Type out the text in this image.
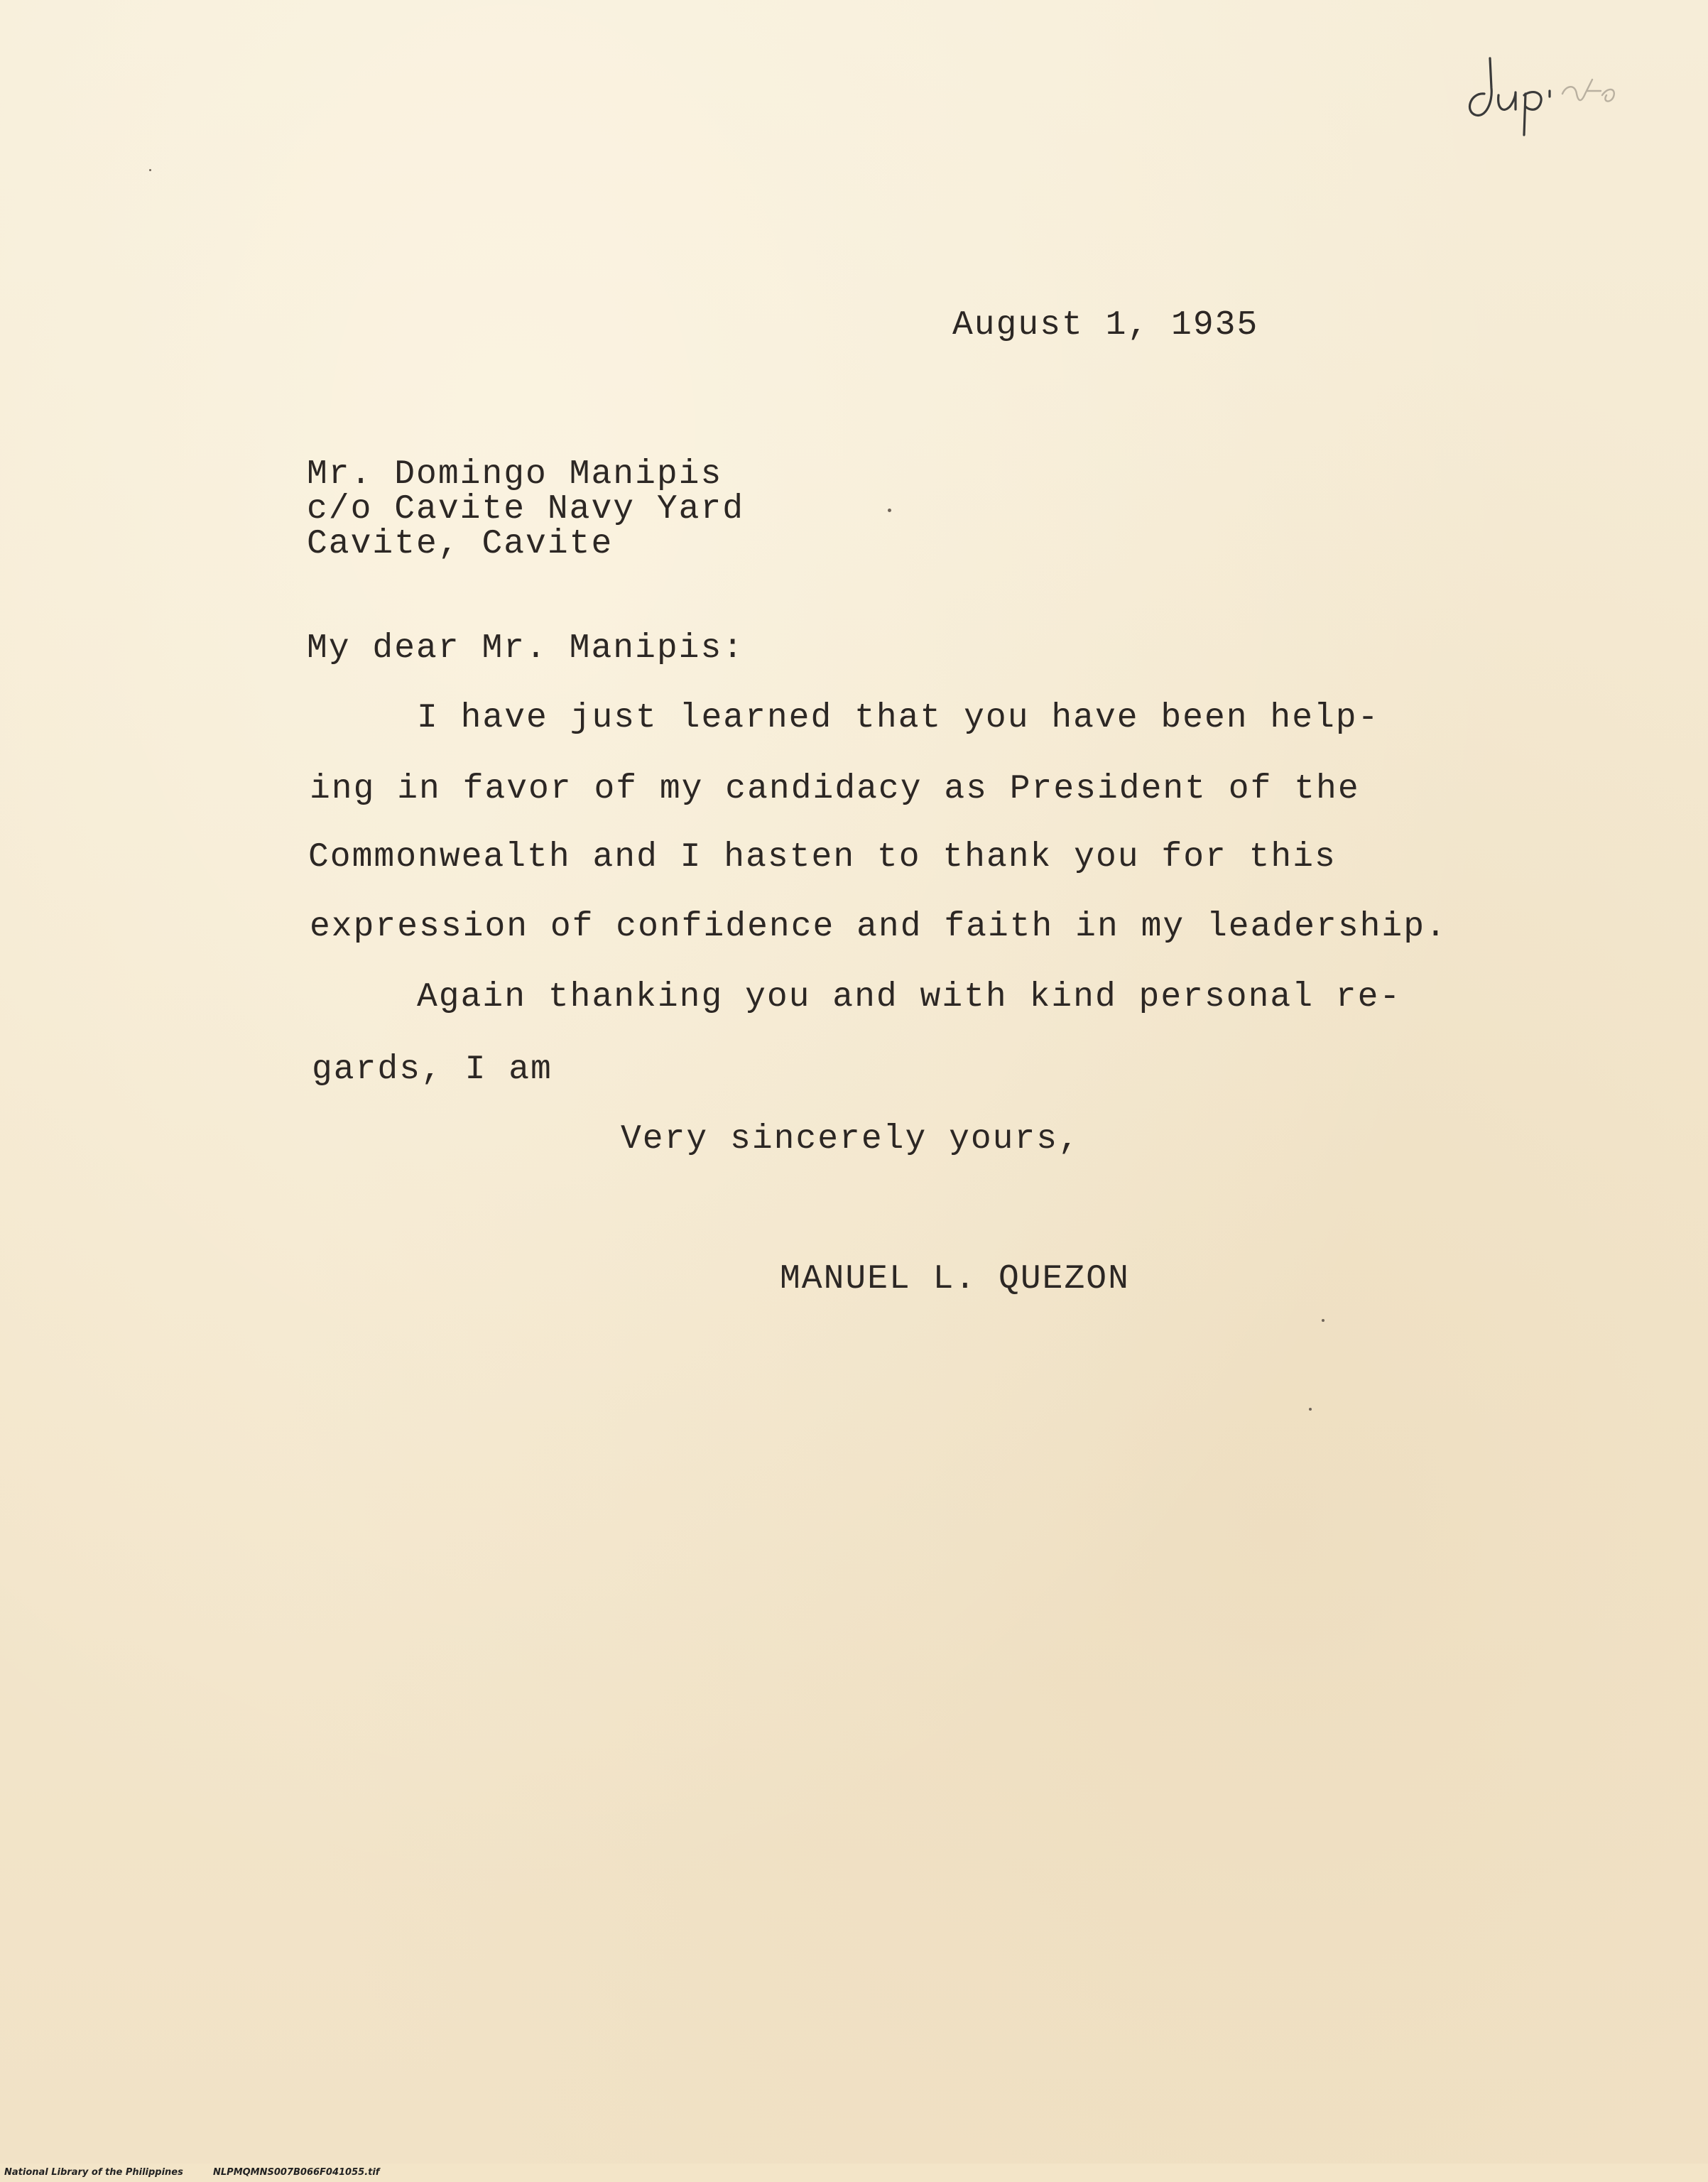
August 1, 1935
Mr. Domingo Manipis
c/o Cavite Navy Yard
Cavite, Cavite
My dear Mr. Manipis:
I have just learned that you have been help-
ing in favor of my candidacy as President of the
Commonwealth and I hasten to thank you for this
expression of confidence and faith in my leadership.
Again thanking you and with kind personal re-
gards, I am
Very sincerely yours,
MANUEL L. QUEZON
National Library of the Philippines	NLPMQMNS007B066F041055.tif
